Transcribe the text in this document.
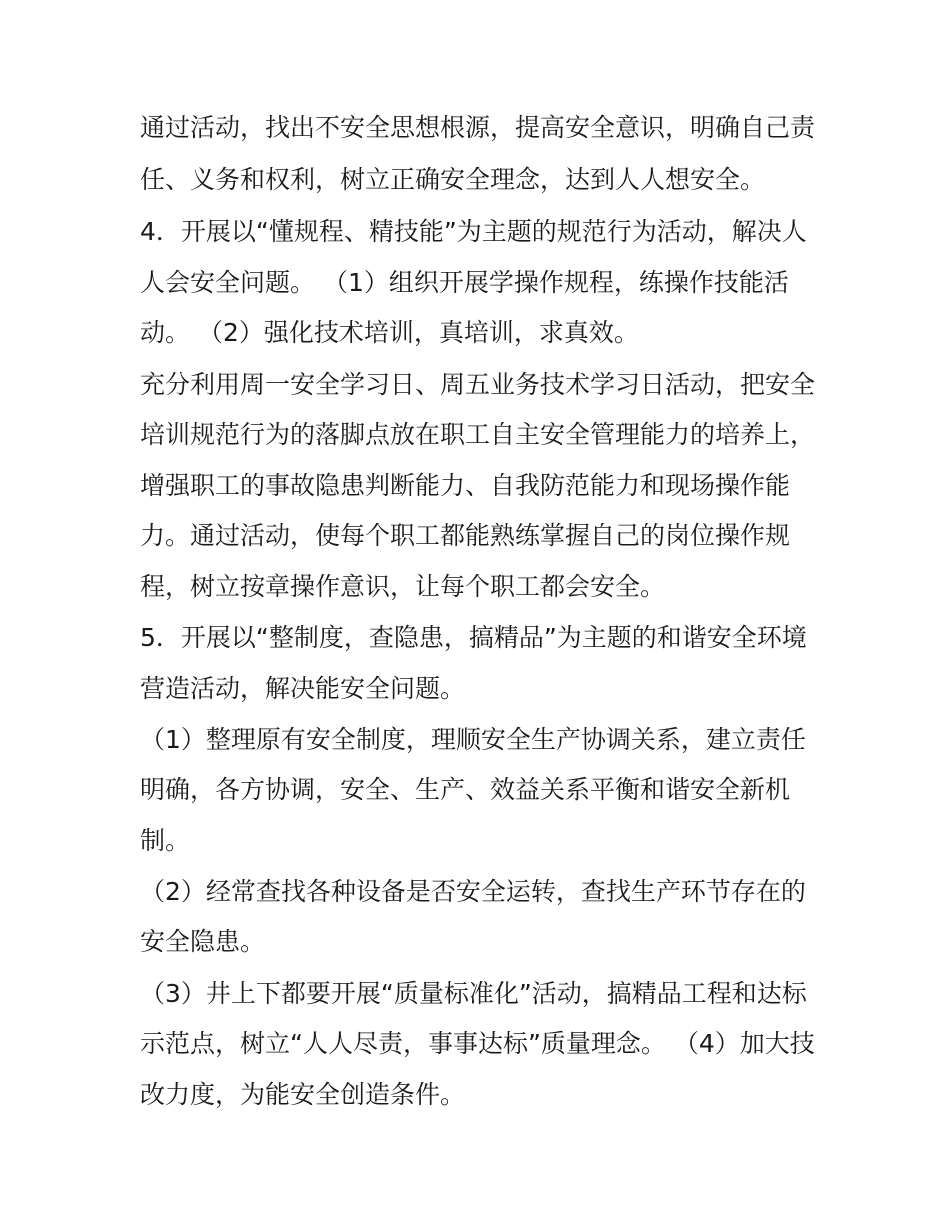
通过活动，找出不安全思想根源，提高安全意识，明确自己责
任、义务和权利，树立正确安全理念，达到人人想安全。
4．开展以“懂规程、精技能”为主题的规范行为活动，解决人
人会安全问题。 （1）组织开展学操作规程，练操作技能活
动。 （2）强化技术培训，真培训，求真效。
充分利用周一安全学习日、周五业务技术学习日活动，把安全
培训规范行为的落脚点放在职工自主安全管理能力的培养上，
增强职工的事故隐患判断能力、自我防范能力和现场操作能
力。通过活动，使每个职工都能熟练掌握自己的岗位操作规
程，树立按章操作意识，让每个职工都会安全。
5．开展以“整制度，查隐患，搞精品”为主题的和谐安全环境
营造活动，解决能安全问题。
（1）整理原有安全制度，理顺安全生产协调关系，建立责任
明确，各方协调，安全、生产、效益关系平衡和谐安全新机
制。
（2）经常查找各种设备是否安全运转，查找生产环节存在的
安全隐患。
（3）井上下都要开展“质量标准化”活动，搞精品工程和达标
示范点，树立“人人尽责，事事达标”质量理念。 （4）加大技
改力度，为能安全创造条件。
